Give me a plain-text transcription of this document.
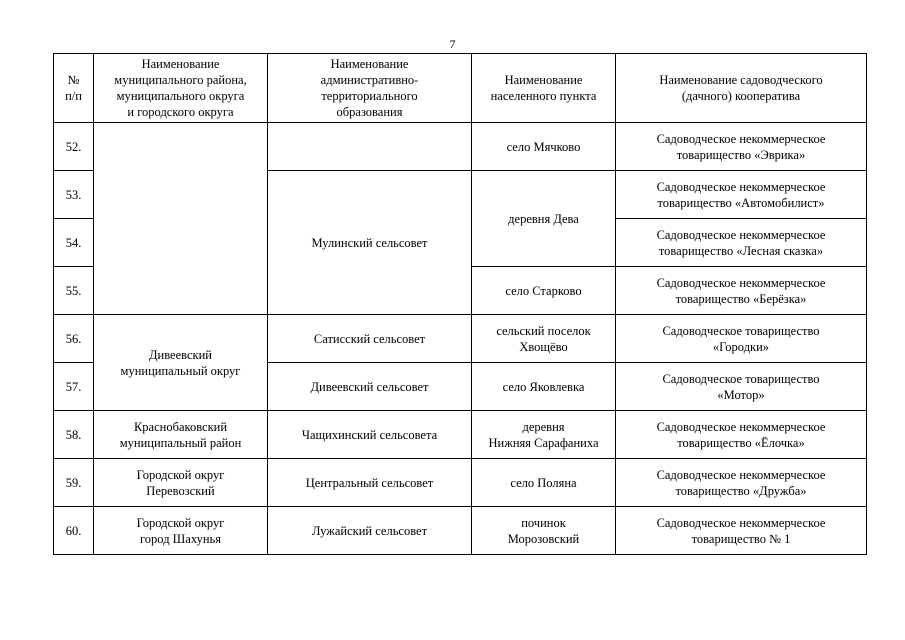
7
№
п/п	Наименование
муниципального района,
муниципального округа
и городского округа	Наименование
административно-
территориального
образования	Наименование
населенного пункта	Наименование садоводческого
(дачного) кооператива
52.			село Мячково	Садоводческое некоммерческое
товарищество «Эврика»
53.		Мулинский сельсовет	деревня Дева	Садоводческое некоммерческое
товарищество «Автомобилист»
54.				Садоводческое некоммерческое
товарищество «Лесная сказка»
55.			село Старково	Садоводческое некоммерческое
товарищество «Берёзка»
56.	Дивеевский
муниципальный округ	Сатисский сельсовет	сельский поселок
Хвощёво	Садоводческое товарищество
«Городки»
57.		Дивеевский сельсовет	село Яковлевка	Садоводческое товарищество
«Мотор»
58.	Краснобаковский
муниципальный район	Чащихинский сельсовета	деревня
Нижняя Сарафаниха	Садоводческое некоммерческое
товарищество «Ёлочка»
59.	Городской округ
Перевозский	Центральный сельсовет	село Поляна	Садоводческое некоммерческое
товарищество «Дружба»
60.	Городской округ
город Шахунья	Лужайский сельсовет	починок
Морозовский	Садоводческое некоммерческое
товарищество № 1
